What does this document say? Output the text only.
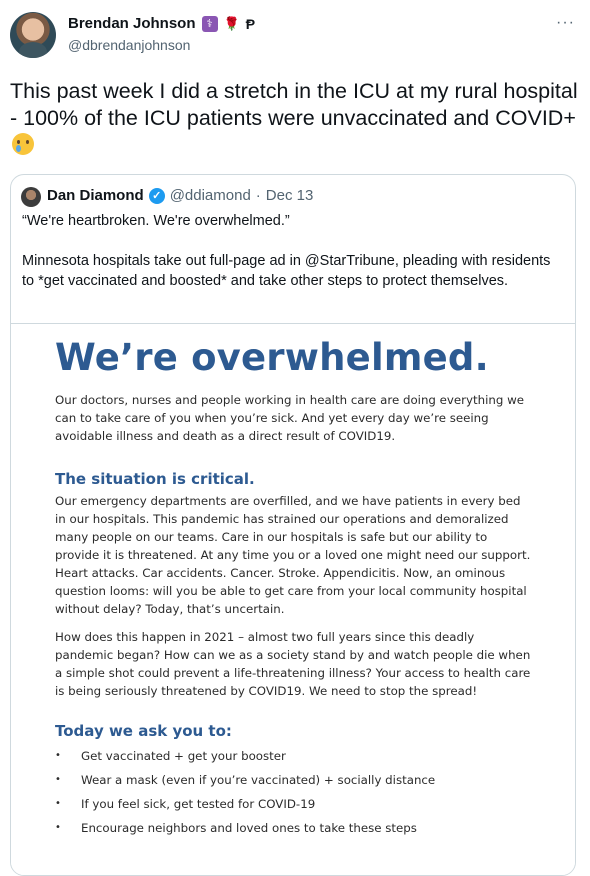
Brendan Johnson	⚕ 🌹 Ᵽ
@dbrendanjohnson
···
This past week I did a stretch in the ICU at my rural hospital - 100% of the ICU patients were unvaccinated and COVID+
Dan Diamond ✓ @ddiamond · Dec 13

“We're heartbroken. We're overwhelmed.”

Minnesota hospitals take out full-page ad in @StarTribune, pleading with residents to *get vaccinated and boosted* and take other steps to protect themselves.

We’re overwhelmed.
Our doctors, nurses and people working in health care are doing everything we can to take care of you when you’re sick. And yet every day we’re seeing avoidable illness and death as a direct result of COVID19.
The situation is critical.
Our emergency departments are overfilled, and we have patients in every bed in our hospitals. This pandemic has strained our operations and demoralized many people on our teams. Care in our hospitals is safe but our ability to provide it is threatened. At any time you or a loved one might need our support. Heart attacks. Car accidents. Cancer. Stroke. Appendicitis. Now, an ominous question looms: will you be able to get care from your local community hospital without delay? Today, that’s uncertain.
How does this happen in 2021 – almost two full years since this deadly pandemic began? How can we as a society stand by and watch people die when a simple shot could prevent a life-threatening illness? Your access to health care is being seriously threatened by COVID19. We need to stop the spread!
Today we ask you to:
•	Get vaccinated + get your booster
•	Wear a mask (even if you’re vaccinated) + socially distance
•	If you feel sick, get tested for COVID-19
•	Encourage neighbors and loved ones to take these steps
